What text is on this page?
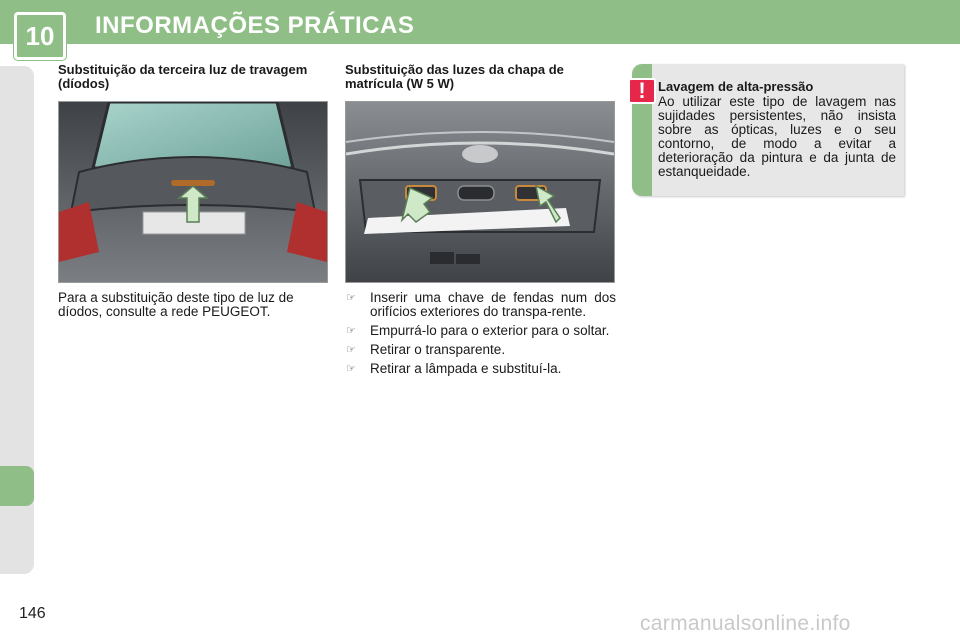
10	INFORMAÇÕES PRÁTICAS
Substituição da terceira luz de travagem (díodos)
Para a substituição deste tipo de luz de díodos, consulte a rede PEUGEOT.
Substituição das luzes da chapa de matrícula (W 5 W)
☞ Inserir uma chave de fendas num dos orifícios exteriores do transpa-rente.
☞ Empurrá-lo para o exterior para o soltar.
☞ Retirar o transparente.
☞ Retirar a lâmpada e substituí-la.
! Lavagem de alta-pressão
Ao utilizar este tipo de lavagem nas sujidades persistentes, não insista sobre as ópticas, luzes e o seu contorno, de modo a evitar a deterioração da pintura e da junta de estanqueidade.
146	carmanualsonline.info
